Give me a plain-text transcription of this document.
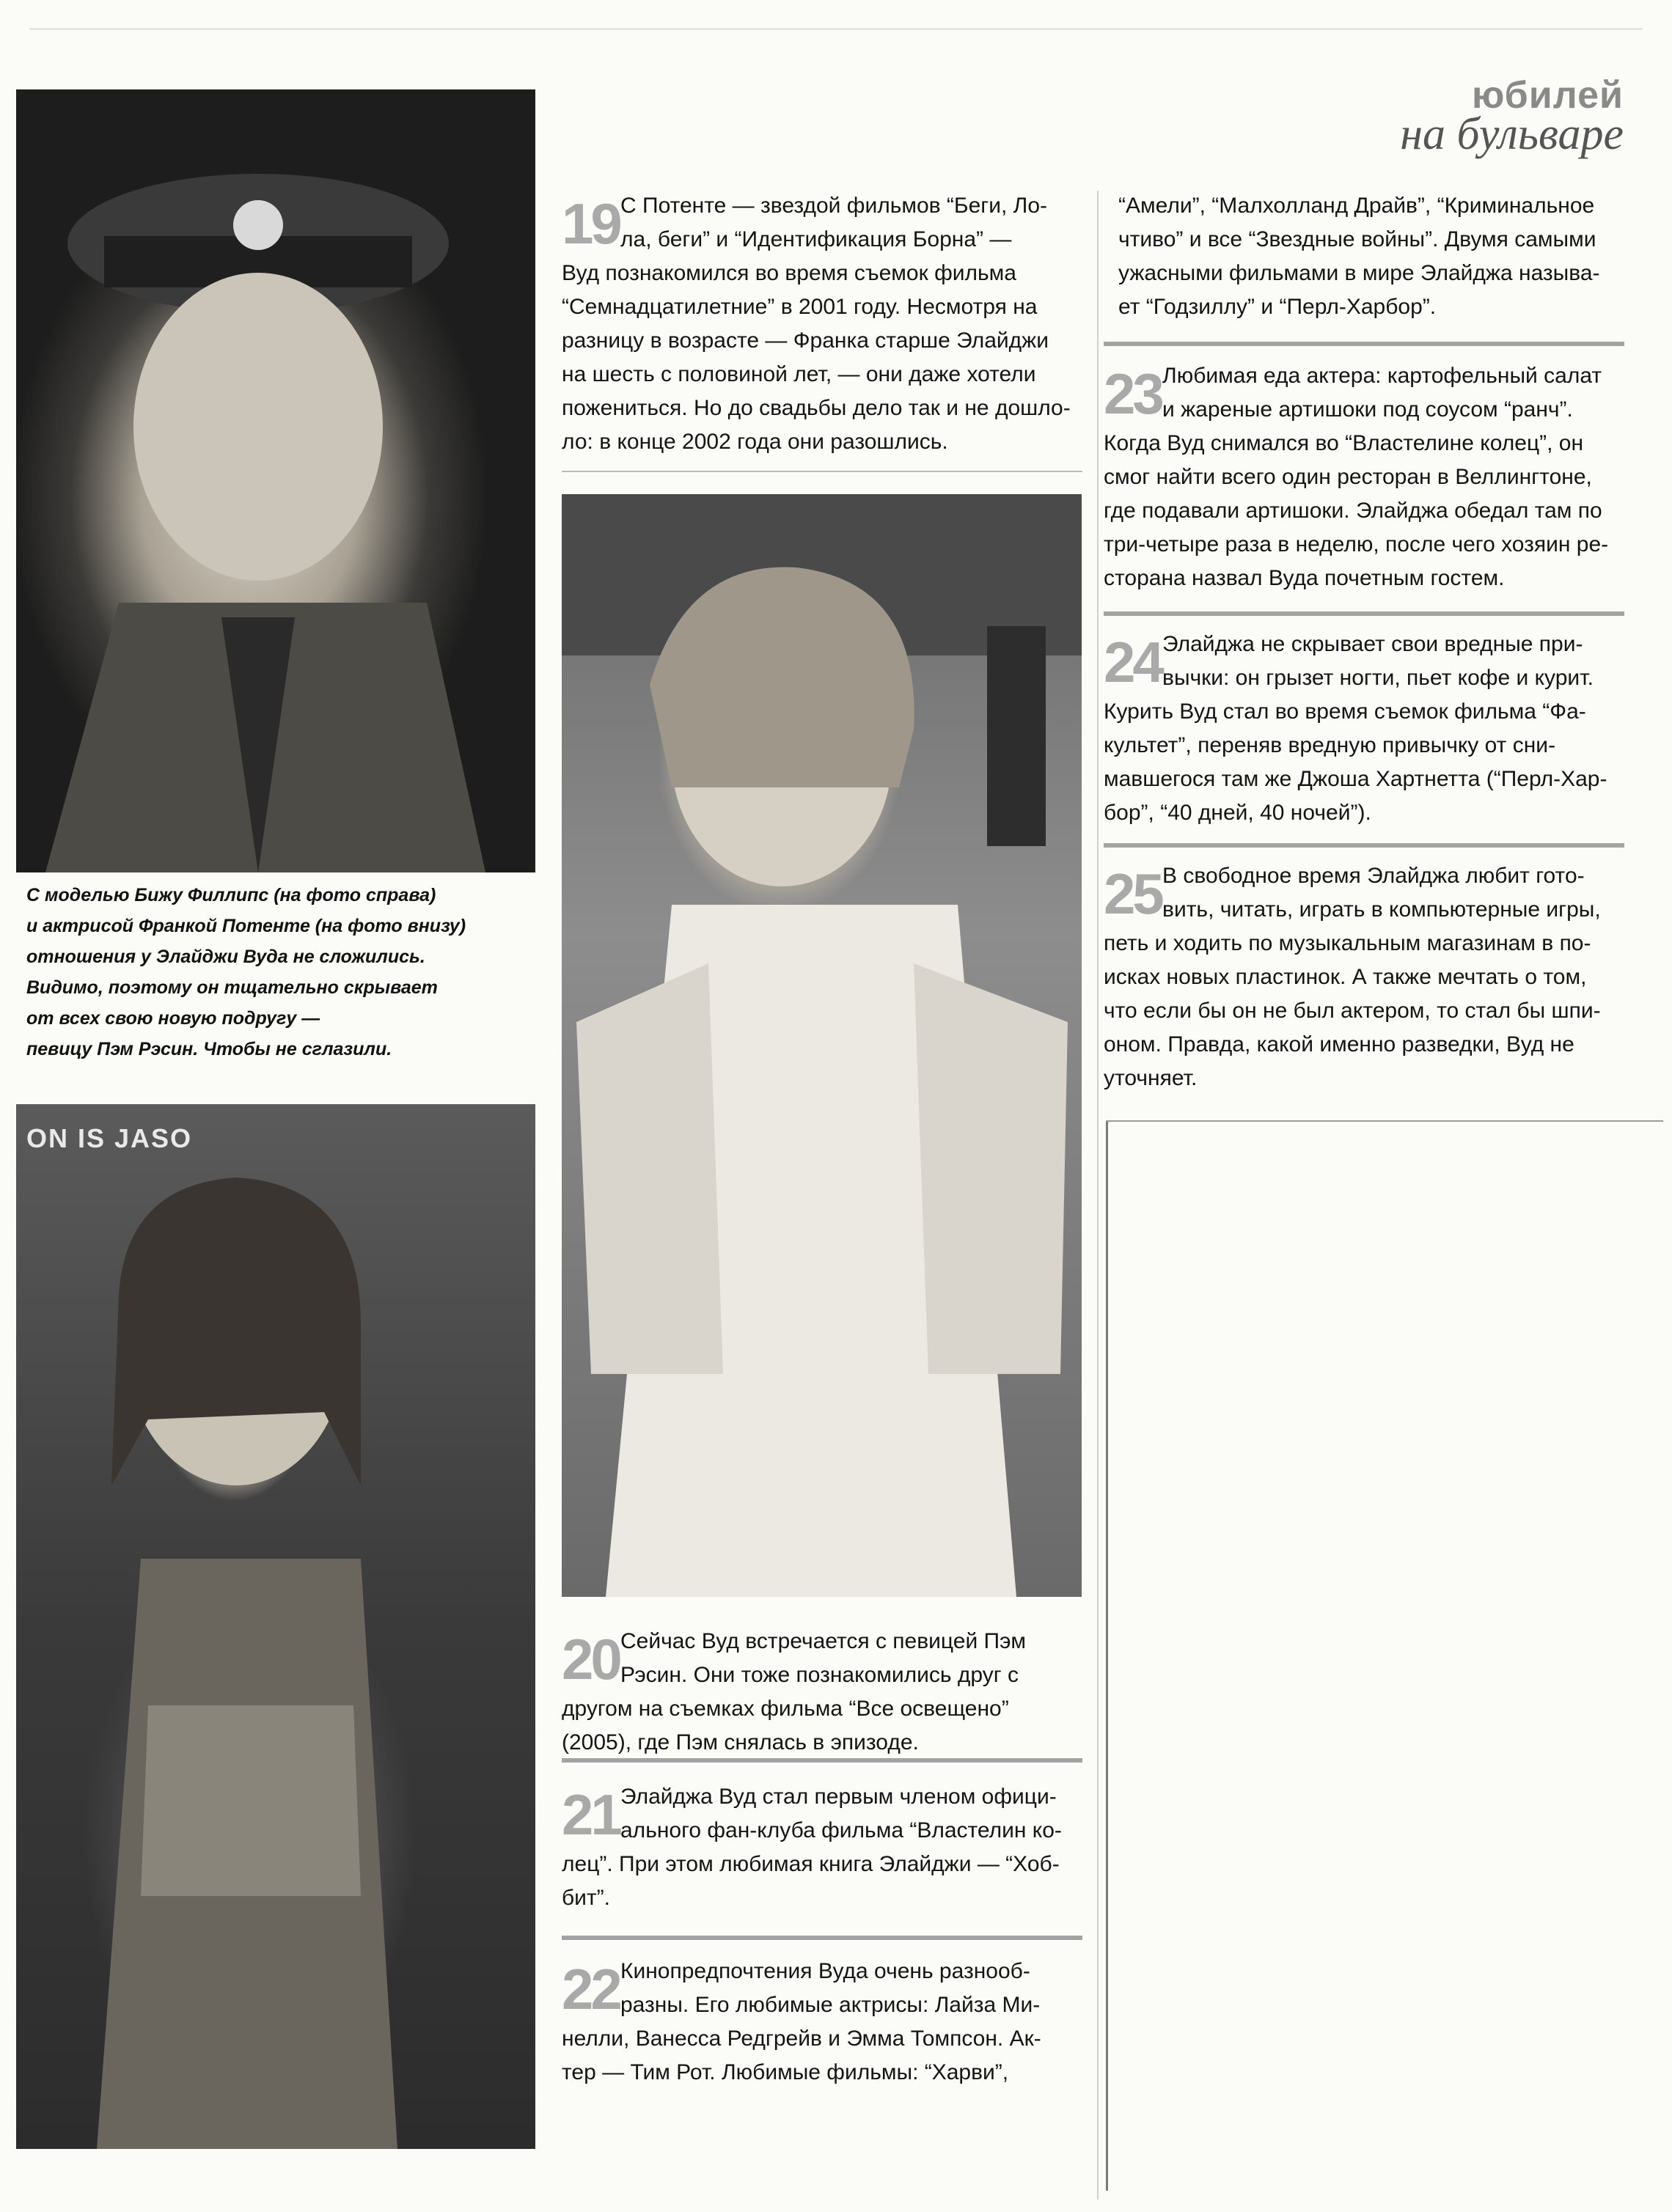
юбилей
на бульваре
С моделью Бижу Филлипс (на фото справа)
и актрисой Франкой Потенте (на фото внизу)
отношения у Элайджи Вуда не сложились.
Видимо, поэтому он тщательно скрывает
от всех свою новую подругу —
певицу Пэм Рэсин. Чтобы не сглазили.
ON IS JASO
19 С Потенте — звездой фильмов “Беги, Ло-
ла, беги” и “Идентификация Борна” —
Вуд познакомился во время съемок фильма
“Семнадцатилетние” в 2001 году. Несмотря на
разницу в возрасте — Франка старше Элайджи
на шесть с половиной лет, — они даже хотели
пожениться. Но до свадьбы дело так и не дошло-
ло: в конце 2002 года они разошлись.
20 Сейчас Вуд встречается с певицей Пэм
Рэсин. Они тоже познакомились друг с
другом на съемках фильма “Все освещено”
(2005), где Пэм снялась в эпизоде.
21 Элайджа Вуд стал первым членом офици-
ального фан-клуба фильма “Властелин ко-
лец”. При этом любимая книга Элайджи — “Хоб-
бит”.
22 Кинопредпочтения Вуда очень разнооб-
разны. Его любимые актрисы: Лайза Ми-
нелли, Ванесса Редгрейв и Эмма Томпсон. Ак-
тер — Тим Рот. Любимые фильмы: “Харви”,
“Амели”, “Малхолланд Драйв”, “Криминальное
чтиво” и все “Звездные войны”. Двумя самыми
ужасными фильмами в мире Элайджа называ-
ет “Годзиллу” и “Перл-Харбор”.
23 Любимая еда актера: картофельный салат
и жареные артишоки под соусом “ранч”.
Когда Вуд снимался во “Властелине колец”, он
смог найти всего один ресторан в Веллингтоне,
где подавали артишоки. Элайджа обедал там по
три-четыре раза в неделю, после чего хозяин ре-
сторана назвал Вуда почетным гостем.
24 Элайджа не скрывает свои вредные при-
вычки: он грызет ногти, пьет кофе и курит.
Курить Вуд стал во время съемок фильма “Фа-
культет”, переняв вредную привычку от сни-
мавшегося там же Джоша Хартнетта (“Перл-Хар-
бор”, “40 дней, 40 ночей”).
25 В свободное время Элайджа любит гото-
вить, читать, играть в компьютерные игры,
петь и ходить по музыкальным магазинам в по-
исках новых пластинок. А также мечтать о том,
что если бы он не был актером, то стал бы шпи-
оном. Правда, какой именно разведки, Вуд не
уточняет.
